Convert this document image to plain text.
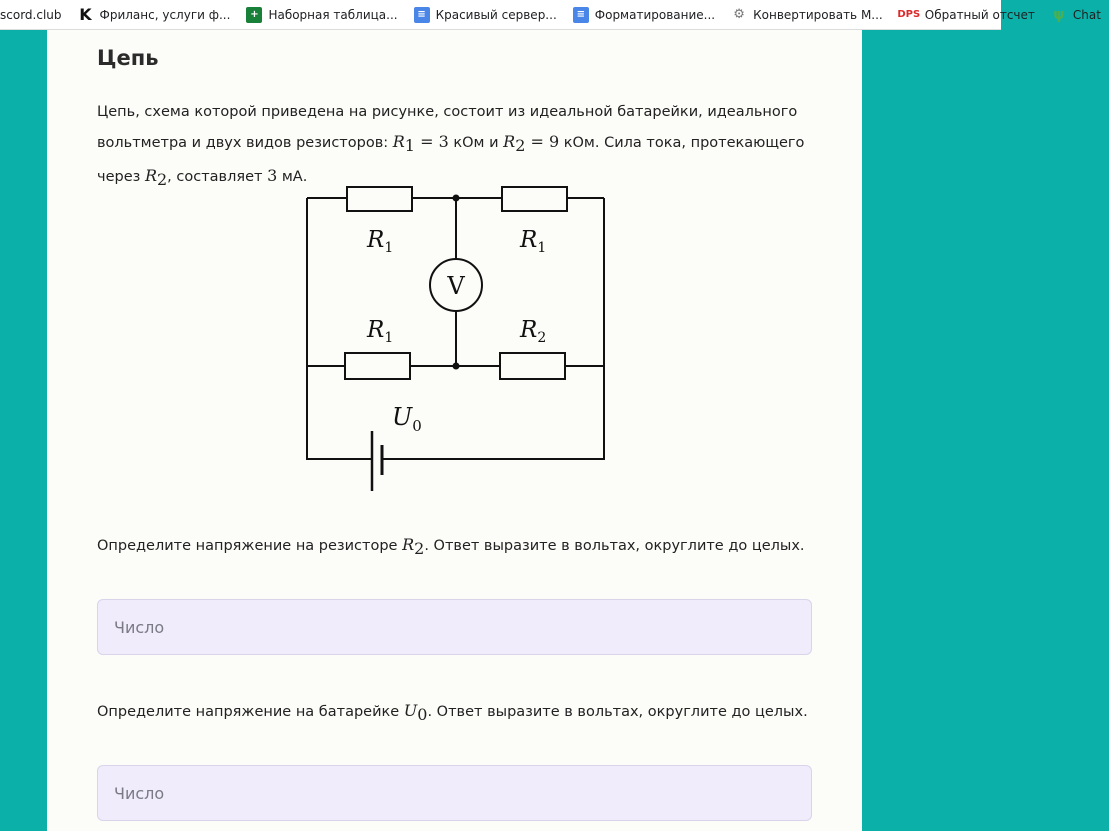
scord.club K Фриланс, услуги ф...	+ Наборная таблица...	≡ Красивый сервер...	≡ Форматирование... ⚙ Конвертировать М... DPS Обратный отсчет ψ Chat
Цепь
Цепь, схема которой приведена на рисунке, состоит из идеальной батарейки, идеального
вольтметра и двух видов резисторов: $R_1 = 3$ кОм и $R_2 = 9$ кОм. Сила тока, протекающего
через $R_2$, составляет 3 мА.
$R_1$	$R_1$
$R_1$	$R_2$
V
$U_0$
Определите напряжение на резисторе $R_2$. Ответ выразите в вольтах, округлите до целых.
Число
Определите напряжение на батарейке $U_0$. Ответ выразите в вольтах, округлите до целых.
Число
